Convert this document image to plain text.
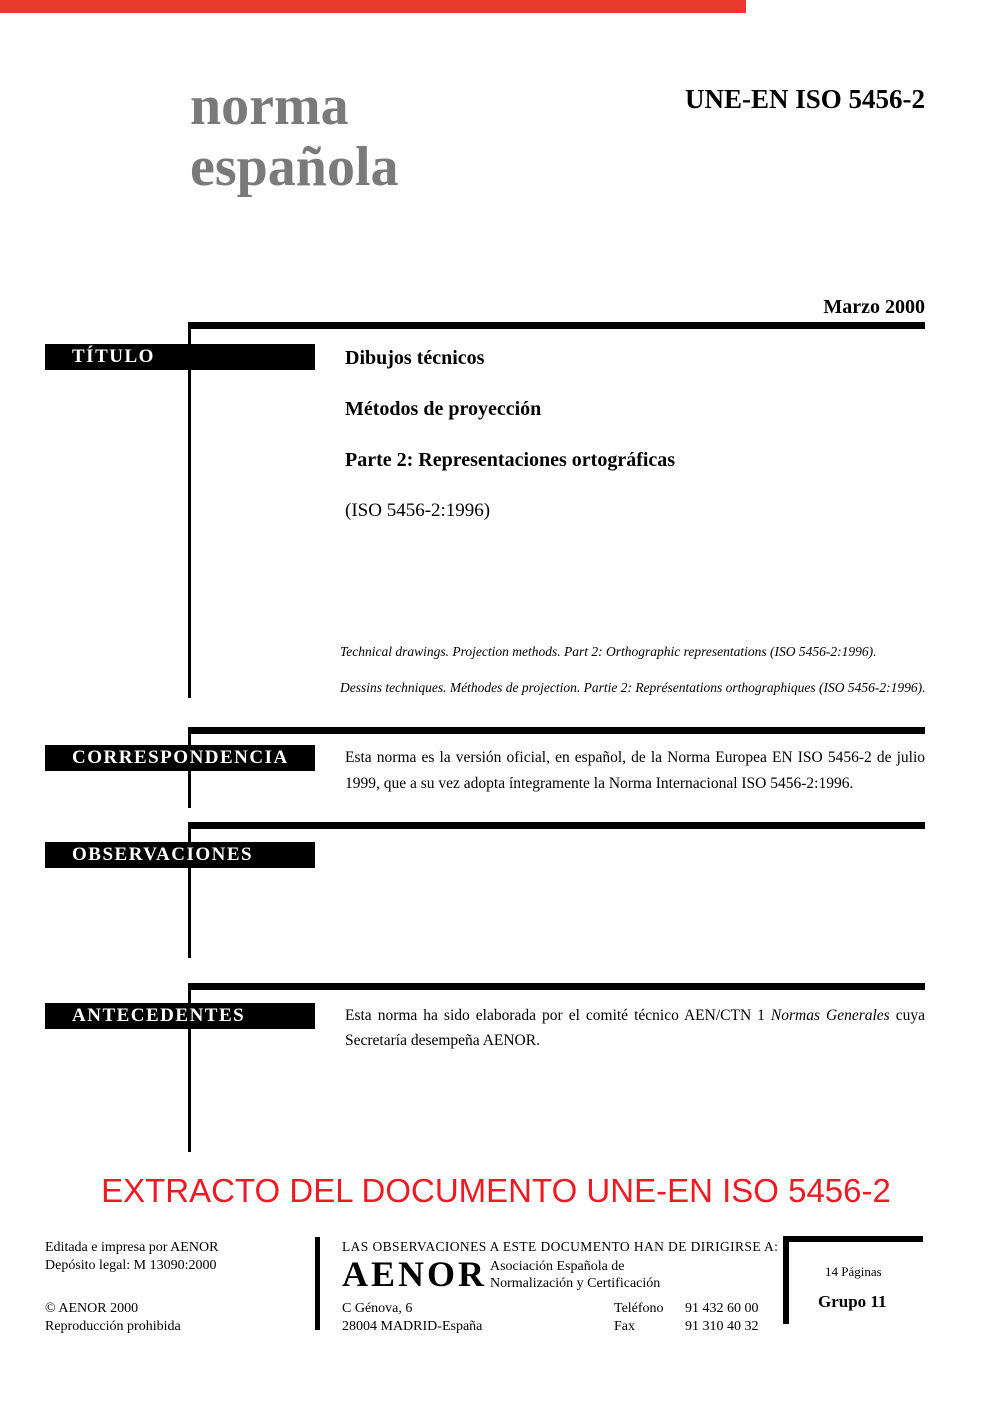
norma
española
UNE-EN ISO 5456-2
Marzo 2000
TÍTULO	Dibujos técnicos
Métodos de proyección
Parte 2: Representaciones ortográficas
(ISO 5456-2:1996)
Technical drawings. Projection methods. Part 2: Orthographic representations (ISO 5456-2:1996).
Dessins techniques. Méthodes de projection. Partie 2: Représentations orthographiques (ISO 5456-2:1996).
CORRESPONDENCIA	Esta norma es la versión oficial, en español, de la Norma Europea EN ISO 5456-2 de julio 1999, que a su vez adopta íntegramente la Norma Internacional ISO 5456-2:1996.
OBSERVACIONES
ANTECEDENTES	Esta norma ha sido elaborada por el comité técnico AEN/CTN 1 Normas Generales cuya Secretaría desempeña AENOR.
EXTRACTO DEL DOCUMENTO UNE-EN ISO 5456-2
Editada e impresa por AENOR
Depósito legal: M 13090:2000
© AENOR 2000
Reproducción prohibida
LAS OBSERVACIONES A ESTE DOCUMENTO HAN DE DIRIGIRSE A:
AENOR Asociación Española de
Normalización y Certificación
C Génova, 6
28004 MADRID-España
Teléfono 91 432 60 00
Fax	91 310 40 32
14 Páginas
Grupo 11
